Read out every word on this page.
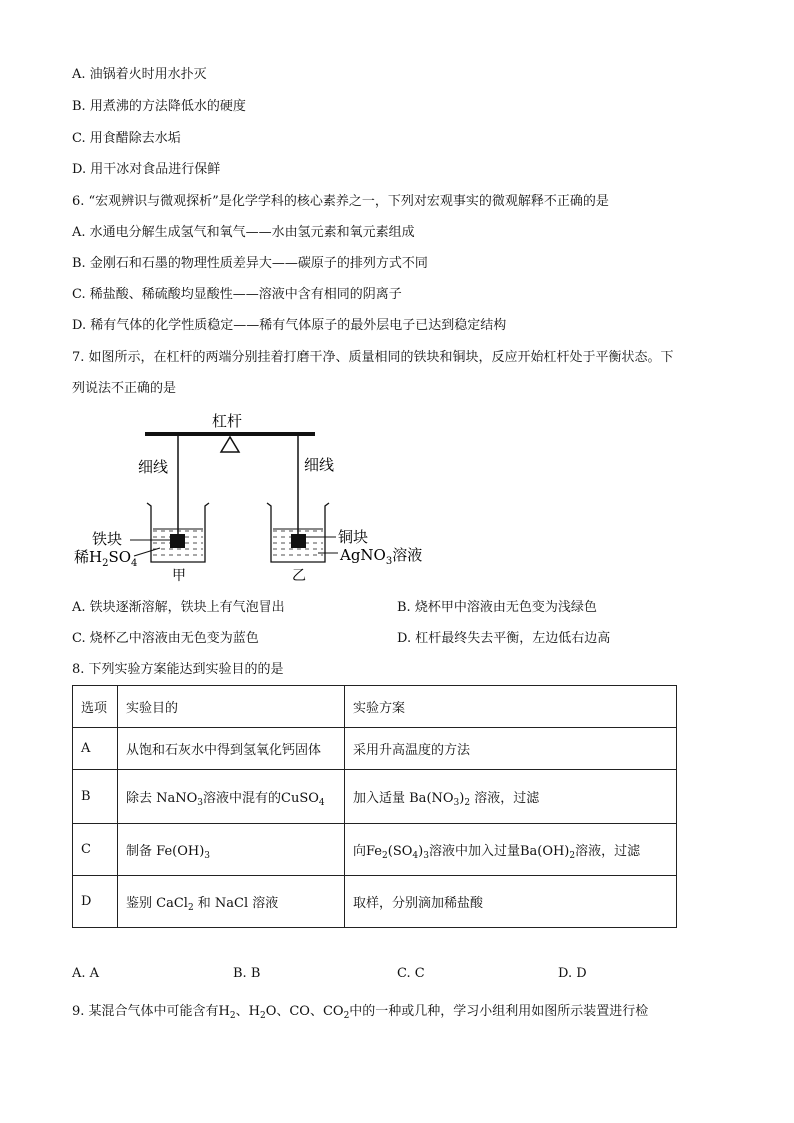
A. 油锅着火时用水扑灭
B. 用煮沸的方法降低水的硬度
C. 用食醋除去水垢
D. 用干冰对食品进行保鲜
6. “宏观辨识与微观探析”是化学学科的核心素养之一，下列对宏观事实的微观解释不正确的是
A. 水通电分解生成氢气和氧气——水由氢元素和氧元素组成
B. 金刚石和石墨的物理性质差异大——碳原子的排列方式不同
C. 稀盐酸、稀硫酸均显酸性——溶液中含有相同的阴离子
D. 稀有气体的化学性质稳定——稀有气体原子的最外层电子已达到稳定结构
7. 如图所示，在杠杆的两端分别挂着打磨干净、质量相同的铁块和铜块，反应开始杠杆处于平衡状态。下
列说法不正确的是
杠杆
细线	细线
铁块
稀$H_2SO_4$
铜块
AgNO$_3$溶液
甲	乙
A. 铁块逐渐溶解，铁块上有气泡冒出	B. 烧杯甲中溶液由无色变为浅绿色
C. 烧杯乙中溶液由无色变为蓝色	D. 杠杆最终失去平衡，左边低右边高
8. 下列实验方案能达到实验目的的是
选项	实验目的	实验方案
A	从饱和石灰水中得到氢氧化钙固体	采用升高温度的方法
B	除去 NaNO$_3$溶液中混有的CuSO$_4$	加入适量 $Ba(NO_3)_2$ 溶液，过滤
C	制备 $Fe(OH)_3$	向$Fe_2(SO_4)_3$溶液中加入过量$Ba(OH)_2$溶液，过滤
D	鉴别 CaCl$_2$ 和 NaCl 溶液	取样，分别滴加稀盐酸
A. A	B. B	C. C	D. D
9. 某混合气体中可能含有$H_2$、$H_2O$、CO、$CO_2$中的一种或几种，学习小组利用如图所示装置进行检
